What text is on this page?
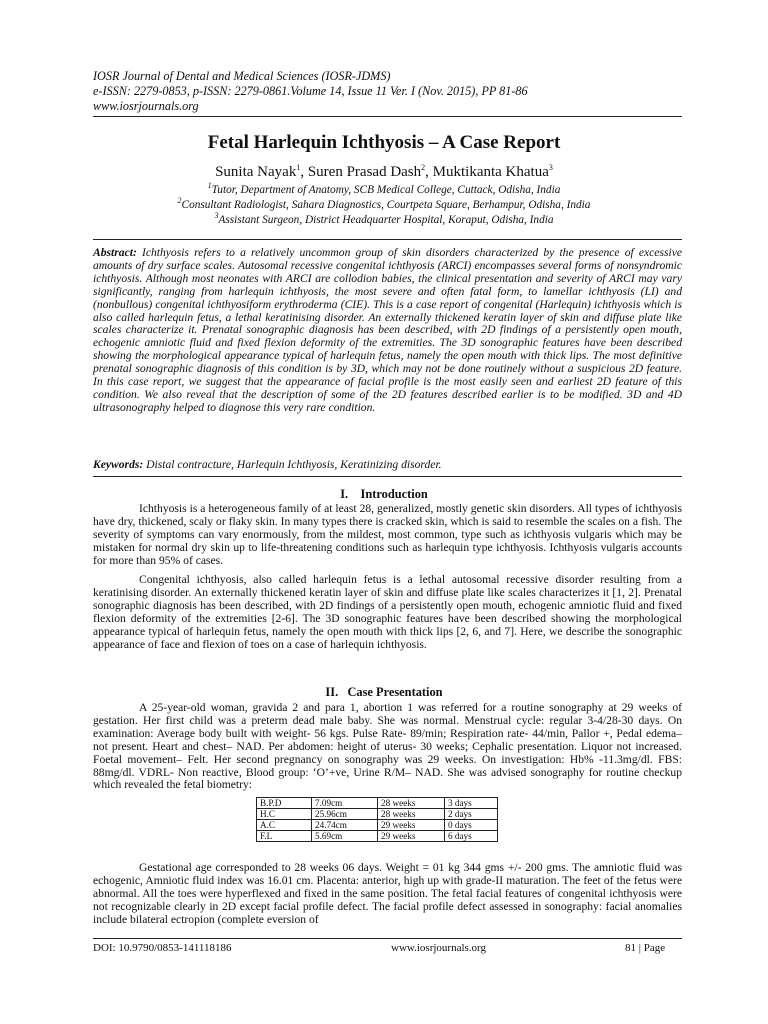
IOSR Journal of Dental and Medical Sciences (IOSR-JDMS)
e-ISSN: 2279-0853, p-ISSN: 2279-0861.Volume 14, Issue 11 Ver. I (Nov. 2015), PP 81-86
www.iosrjournals.org
Fetal Harlequin Ichthyosis – A Case Report
Sunita Nayak$^1$, Suren Prasad Dash$^2$, Muktikanta Khatua$^3$
$^1$Tutor, Department of Anatomy, SCB Medical College, Cuttack, Odisha, India
$^2$Consultant Radiologist, Sahara Diagnostics, Courtpeta Square, Berhampur, Odisha, India
$^3$Assistant Surgeon, District Headquarter Hospital, Koraput, Odisha, India
Abstract: Ichthyosis refers to a relatively uncommon group of skin disorders characterized by the presence of excessive amounts of dry surface scales. Autosomal recessive congenital ichthyosis (ARCI) encompasses several forms of nonsyndromic ichthyosis. Although most neonates with ARCI are collodion babies, the clinical presentation and severity of ARCI may vary significantly, ranging from harlequin ichthyosis, the most severe and often fatal form, to lamellar ichthyosis (LI) and (nonbullous) congenital ichthyosiform erythroderma (CIE). This is a case report of congenital (Harlequin) ichthyosis which is also called harlequin fetus, a lethal keratinising disorder. An externally thickened keratin layer of skin and diffuse plate like scales characterize it. Prenatal sonographic diagnosis has been described, with 2D findings of a persistently open mouth, echogenic amniotic fluid and fixed flexion deformity of the extremities. The 3D sonographic features have been described showing the morphological appearance typical of harlequin fetus, namely the open mouth with thick lips. The most definitive prenatal sonographic diagnosis of this condition is by 3D, which may not be done routinely without a suspicious 2D feature. In this case report, we suggest that the appearance of facial profile is the most easily seen and earliest 2D feature of this condition. We also reveal that the description of some of the 2D features described earlier is to be modified. 3D and 4D ultrasonography helped to diagnose this very rare condition.
Keywords: Distal contracture, Harlequin Ichthyosis, Keratinizing disorder.
I.    Introduction

Ichthyosis is a heterogeneous family of at least 28, generalized, mostly genetic skin disorders. All types of ichthyosis have dry, thickened, scaly or flaky skin. In many types there is cracked skin, which is said to resemble the scales on a fish. The severity of symptoms can vary enormously, from the mildest, most common, type such as ichthyosis vulgaris which may be mistaken for normal dry skin up to life-threatening conditions such as harlequin type ichthyosis. Ichthyosis vulgaris accounts for more than 95% of cases.

Congenital ichthyosis, also called harlequin fetus is a lethal autosomal recessive disorder resulting from a keratinising disorder. An externally thickened keratin layer of skin and diffuse plate like scales characterizes it [1, 2]. Prenatal sonographic diagnosis has been described, with 2D findings of a persistently open mouth, echogenic amniotic fluid and fixed flexion deformity of the extremities [2-6]. The 3D sonographic features have been described showing the morphological appearance typical of harlequin fetus, namely the open mouth with thick lips [2, 6, and 7]. Here, we describe the sonographic appearance of face and flexion of toes on a case of harlequin ichthyosis.

II.   Case Presentation

A 25-year-old woman, gravida 2 and para 1, abortion 1 was referred for a routine sonography at 29 weeks of gestation. Her first child was a preterm dead male baby. She was normal. Menstrual cycle: regular 3-4/28-30 days. On examination: Average body built with weight- 56 kgs. Pulse Rate- 89/min; Respiration rate- 44/min, Pallor +, Pedal edema‒ not present. Heart and chest‒ NAD. Per abdomen: height of uterus- 30 weeks; Cephalic presentation. Liquor not increased. Foetal movement‒ Felt. Her second pregnancy on sonography was 29 weeks. On investigation: Hb% -11.3mg/dl. FBS: 88mg/dl. VDRL- Non reactive, Blood group: ‘O’+ve, Urine R/M‒ NAD. She was advised sonography for routine checkup which revealed the fetal biometry:

B.P.D	7.09cm	28 weeks	3 days
H.C	25.96cm	28 weeks	2 days
A.C	24.74cm	29 weeks	0 days
F.L	5.69cm	29 weeks	6 days

Gestational age corresponded to 28 weeks 06 days. Weight = 01 kg 344 gms +/- 200 gms. The amniotic fluid was echogenic, Amniotic fluid index was 16.01 cm. Placenta: anterior, high up with grade-II maturation. The feet of the fetus were abnormal. All the toes were hyperflexed and fixed in the same position. The fetal facial features of congenital ichthyosis were not recognizable clearly in 2D except facial profile defect. The facial profile defect assessed in sonography: facial anomalies include bilateral ectropion (complete eversion of

DOI: 10.9790/0853-141118186	www.iosrjournals.org	81 | Page
